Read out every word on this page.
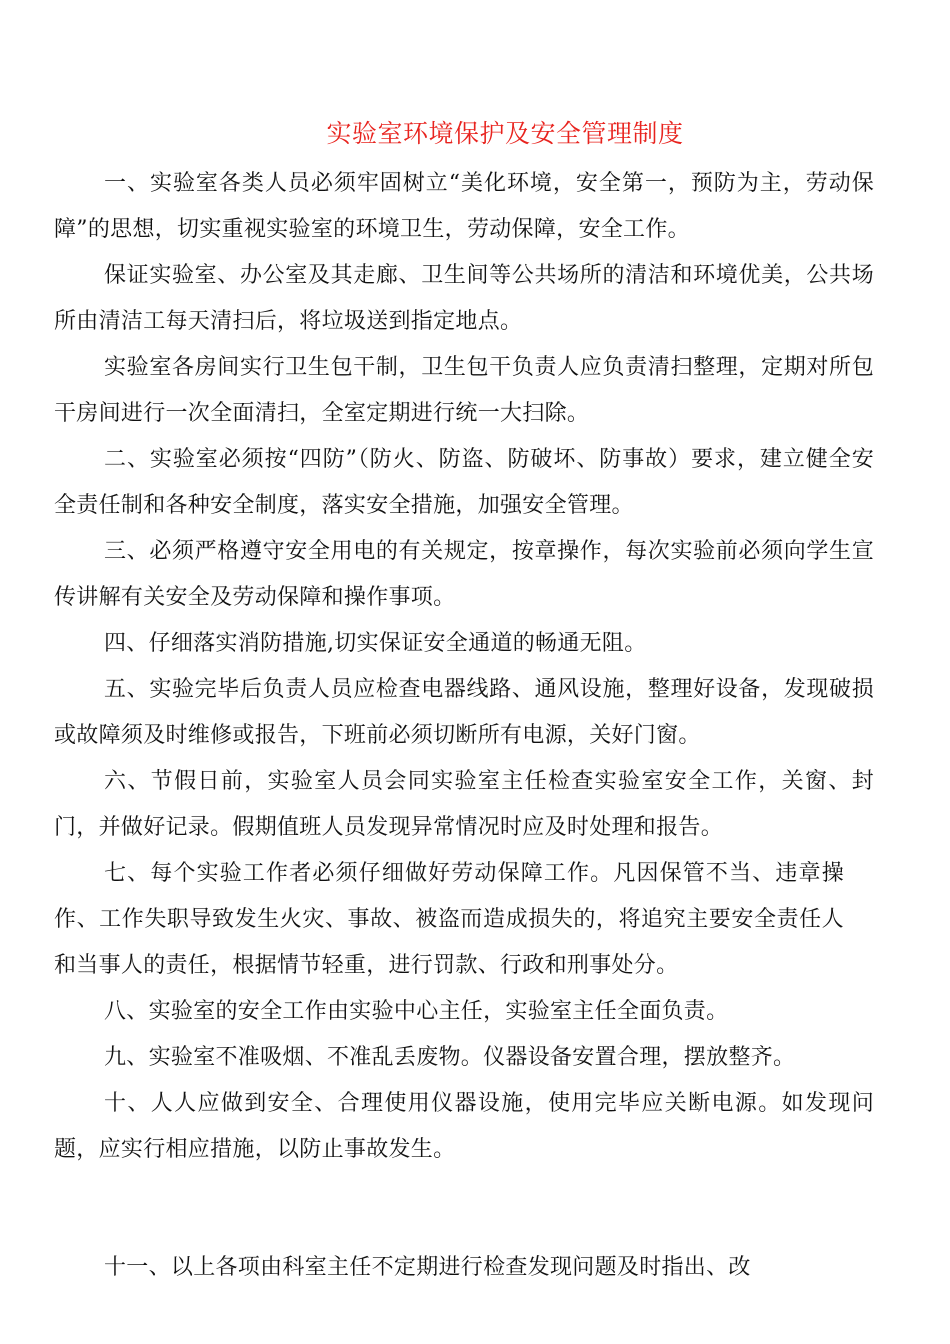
实验室环境保护及安全管理制度

一、实验室各类人员必须牢固树立“美化环境，安全第一，预防为主，劳动保障”的思想，切实重视实验室的环境卫生，劳动保障，安全工作。

保证实验室、办公室及其走廊、卫生间等公共场所的清洁和环境优美，公共场所由清洁工每天清扫后，将垃圾送到指定地点。

实验室各房间实行卫生包干制，卫生包干负责人应负责清扫整理，定期对所包干房间进行一次全面清扫，全室定期进行统一大扫除。

二、实验室必须按“四防”（防火、防盗、防破坏、防事故）要求，建立健全安全责任制和各种安全制度，落实安全措施，加强安全管理。

三、必须严格遵守安全用电的有关规定，按章操作，每次实验前必须向学生宣传讲解有关安全及劳动保障和操作事项。

四、仔细落实消防措施,切实保证安全通道的畅通无阻。

五、实验完毕后负责人员应检查电器线路、通风设施，整理好设备，发现破损或故障须及时维修或报告，下班前必须切断所有电源，关好门窗。

六、节假日前，实验室人员会同实验室主任检查实验室安全工作，关窗、封门，并做好记录。假期值班人员发现异常情况时应及时处理和报告。

七、每个实验工作者必须仔细做好劳动保障工作。凡因保管不当、违章操作、工作失职导致发生火灾、事故、被盗而造成损失的，将追究主要安全责任人和当事人的责任，根据情节轻重，进行罚款、行政和刑事处分。

八、实验室的安全工作由实验中心主任，实验室主任全面负责。

九、实验室不准吸烟、不准乱丢废物。仪器设备安置合理，摆放整齐。

十、人人应做到安全、合理使用仪器设施，使用完毕应关断电源。如发现问题，应实行相应措施，以防止事故发生。

十一、以上各项由科室主任不定期进行检查发现问题及时指出、改
